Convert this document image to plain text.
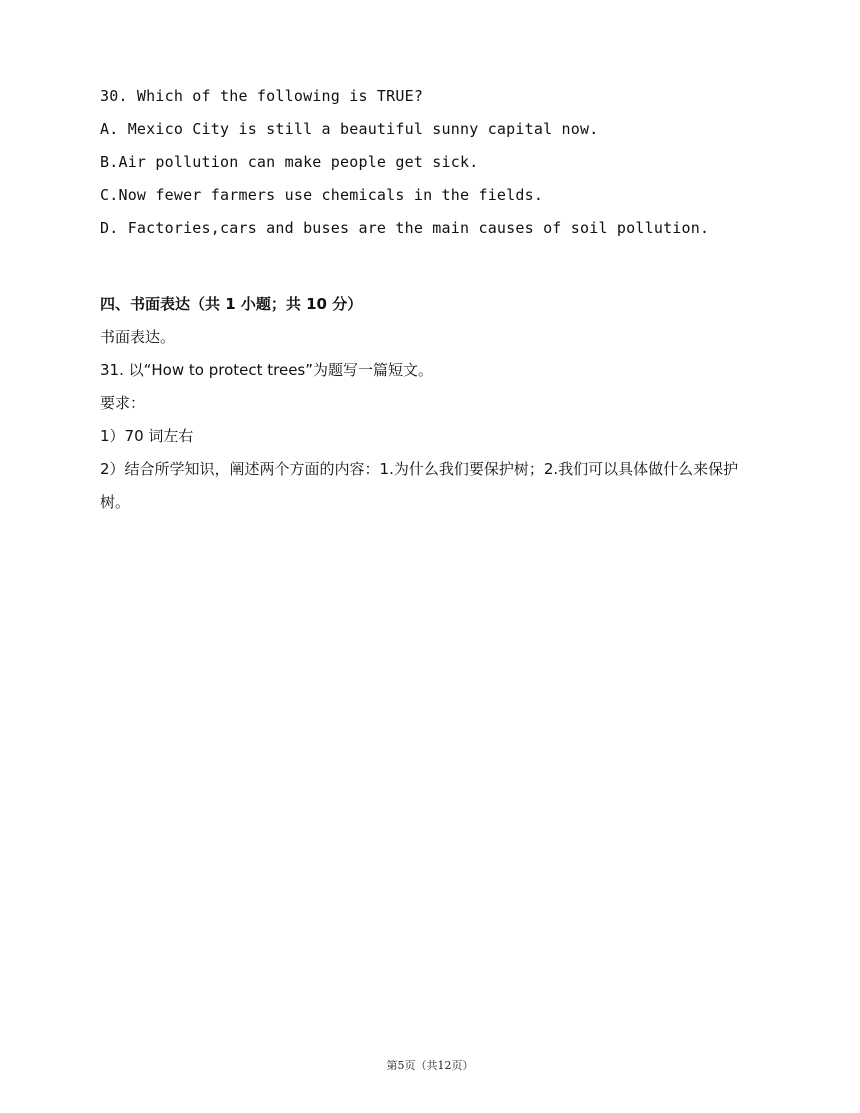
30. Which of the following is TRUE?
A. Mexico City is still a beautiful sunny capital now.
B.Air pollution can make people get sick.
C.Now fewer farmers use chemicals in the fields.
D. Factories,cars and buses are the main causes of soil pollution.
四、书面表达（共 1 小题；共 10 分）
书面表达。
31. 以“How to protect trees”为题写一篇短文。
要求：
1）70 词左右
2）结合所学知识，阐述两个方面的内容：1.为什么我们要保护树；2.我们可以具体做什么来保护树。
第5页（共12页）
